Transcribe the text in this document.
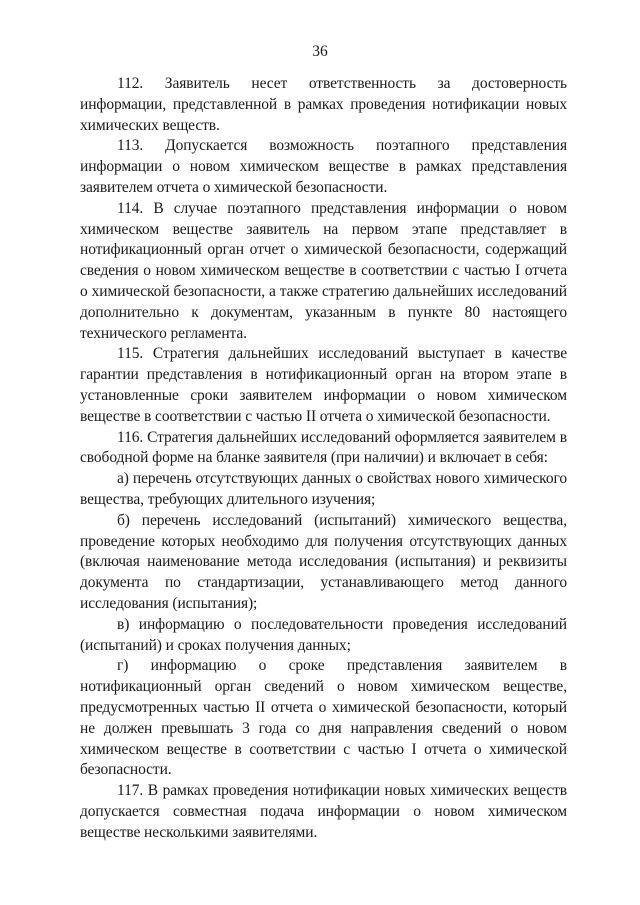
36

112. Заявитель несет ответственность за достоверность информации, представленной в рамках проведения нотификации новых химических веществ.

113. Допускается возможность поэтапного представления информации о новом химическом веществе в рамках представления заявителем отчета о химической безопасности.

114. В случае поэтапного представления информации о новом химическом веществе заявитель на первом этапе представляет в нотификационный орган отчет о химической безопасности, содержащий сведения о новом химическом веществе в соответствии с частью I отчета о химической безопасности, а также стратегию дальнейших исследований дополнительно к документам, указанным в пункте 80 настоящего технического регламента.

115. Стратегия дальнейших исследований выступает в качестве гарантии представления в нотификационный орган на втором этапе в установленные сроки заявителем информации о новом химическом веществе в соответствии с частью II отчета о химической безопасности.

116. Стратегия дальнейших исследований оформляется заявителем в свободной форме на бланке заявителя (при наличии) и включает в себя:

а) перечень отсутствующих данных о свойствах нового химического вещества, требующих длительного изучения;

б) перечень исследований (испытаний) химического вещества, проведение которых необходимо для получения отсутствующих данных (включая наименование метода исследования (испытания) и реквизиты документа по стандартизации, устанавливающего метод данного исследования (испытания);

в) информацию о последовательности проведения исследований (испытаний) и сроках получения данных;

г) информацию о сроке представления заявителем в нотификационный орган сведений о новом химическом веществе, предусмотренных частью II отчета о химической безопасности, который не должен превышать 3 года со дня направления сведений о новом химическом веществе в соответствии с частью I отчета о химической безопасности.

117. В рамках проведения нотификации новых химических веществ допускается совместная подача информации о новом химическом веществе несколькими заявителями.
